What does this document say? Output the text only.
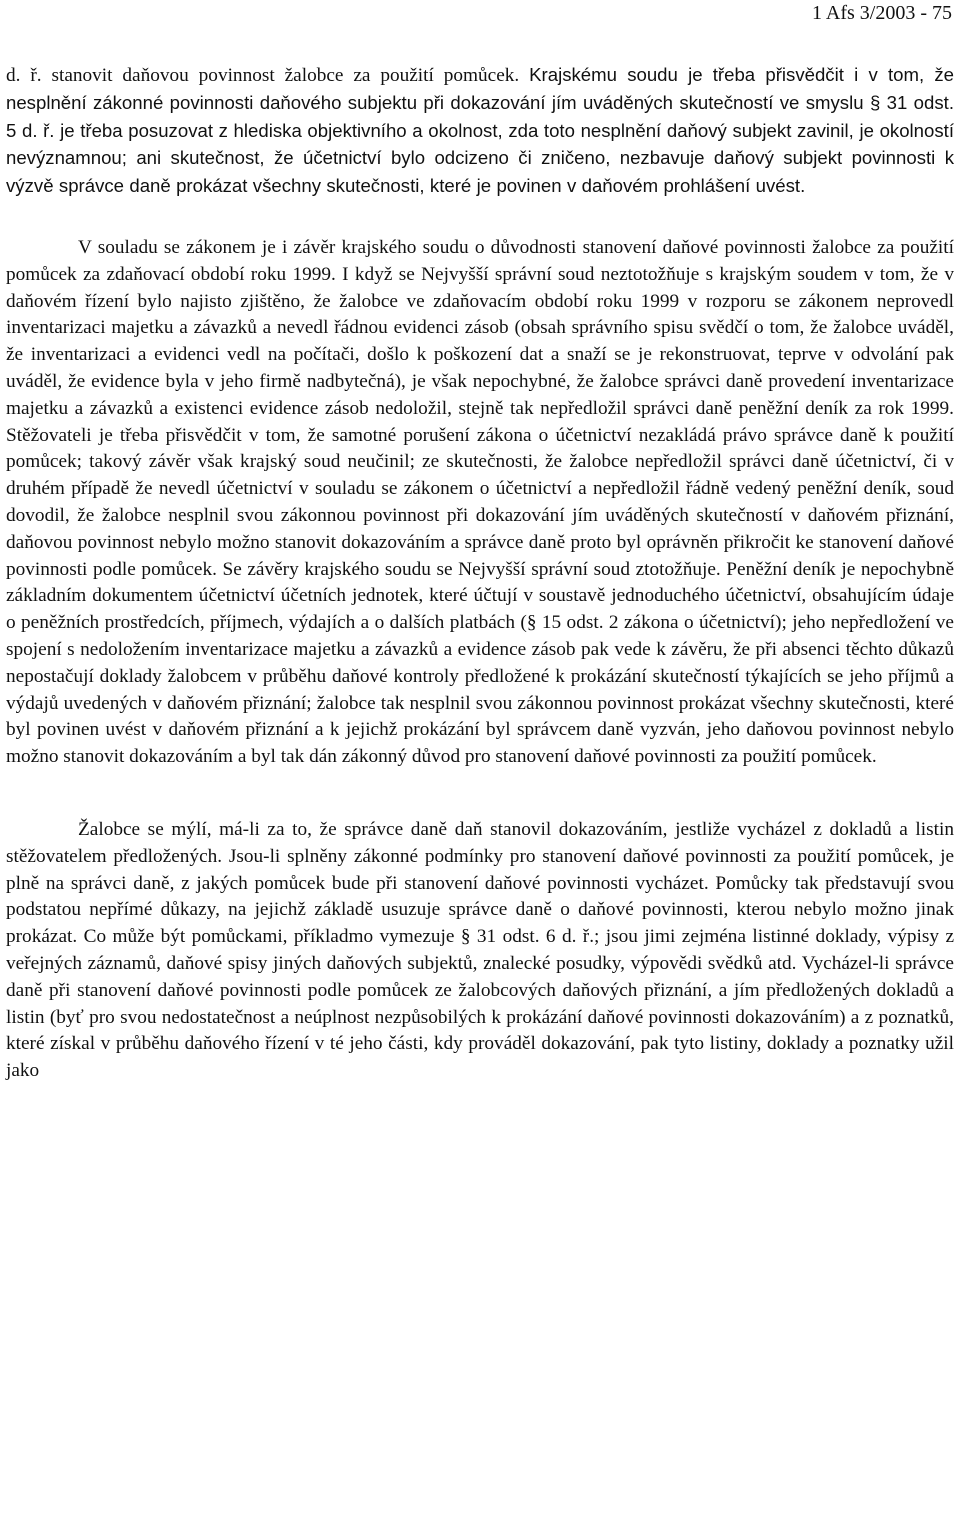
1 Afs 3/2003 - 75

d. ř. stanovit daňovou povinnost žalobce za použití pomůcek. Krajskému soudu je třeba přisvědčit i v tom, že nesplnění zákonné povinnosti daňového subjektu při dokazování jím uváděných skutečností ve smyslu § 31 odst. 5 d. ř. je třeba posuzovat z hlediska objektivního a okolnost, zda toto nesplnění daňový subjekt zavinil, je okolností nevýznamnou; ani skutečnost, že účetnictví bylo odcizeno či zničeno, nezbavuje daňový subjekt povinnosti k výzvě správce daně prokázat všechny skutečnosti, které je povinen v daňovém prohlášení uvést.

V souladu se zákonem je i závěr krajského soudu o důvodnosti stanovení daňové povinnosti žalobce za použití pomůcek za zdaňovací období roku 1999. I když se Nejvyšší správní soud neztotožňuje s krajským soudem v tom, že v daňovém řízení bylo najisto zjištěno, že žalobce ve zdaňovacím období roku 1999 v rozporu se zákonem neprovedl inventarizaci majetku a závazků a nevedl řádnou evidenci zásob (obsah správního spisu svědčí o tom, že žalobce uváděl, že inventarizaci a evidenci vedl na počítači, došlo k poškození dat a snaží se je rekonstruovat, teprve v odvolání pak uváděl, že evidence byla v jeho firmě nadbytečná), je však nepochybné, že žalobce správci daně provedení inventarizace majetku a závazků a existenci evidence zásob nedoložil, stejně tak nepředložil správci daně peněžní deník za rok 1999. Stěžovateli je třeba přisvědčit v tom, že samotné porušení zákona o účetnictví nezakládá právo správce daně k použití pomůcek; takový závěr však krajský soud neučinil; ze skutečnosti, že žalobce nepředložil správci daně účetnictví, či v druhém případě že nevedl účetnictví v souladu se zákonem o účetnictví a nepředložil řádně vedený peněžní deník, soud dovodil, že žalobce nesplnil svou zákonnou povinnost při dokazování jím uváděných skutečností v daňovém přiznání, daňovou povinnost nebylo možno stanovit dokazováním a správce daně proto byl oprávněn přikročit ke stanovení daňové povinnosti podle pomůcek. Se závěry krajského soudu se Nejvyšší správní soud ztotožňuje. Peněžní deník je nepochybně základním dokumentem účetnictví účetních jednotek, které účtují v soustavě jednoduchého účetnictví, obsahujícím údaje o peněžních prostředcích, příjmech, výdajích a o dalších platbách (§ 15 odst. 2 zákona o účetnictví); jeho nepředložení ve spojení s nedoložením inventarizace majetku a závazků a evidence zásob pak vede k závěru, že při absenci těchto důkazů nepostačují doklady žalobcem v průběhu daňové kontroly předložené k prokázání skutečností týkajících se jeho příjmů a výdajů uvedených v daňovém přiznání; žalobce tak nesplnil svou zákonnou povinnost prokázat všechny skutečnosti, které byl povinen uvést v daňovém přiznání a k jejichž prokázání byl správcem daně vyzván, jeho daňovou povinnost nebylo možno stanovit dokazováním a byl tak dán zákonný důvod pro stanovení daňové povinnosti za použití pomůcek.

Žalobce se mýlí, má-li za to, že správce daně daň stanovil dokazováním, jestliže vycházel z dokladů a listin stěžovatelem předložených. Jsou-li splněny zákonné podmínky pro stanovení daňové povinnosti za použití pomůcek, je plně na správci daně, z jakých pomůcek bude při stanovení daňové povinnosti vycházet. Pomůcky tak představují svou podstatou nepřímé důkazy, na jejichž základě usuzuje správce daně o daňové povinnosti, kterou nebylo možno jinak prokázat. Co může být pomůckami, příkladmo vymezuje § 31 odst. 6 d. ř.; jsou jimi zejména listinné doklady, výpisy z veřejných záznamů, daňové spisy jiných daňových subjektů, znalecké posudky, výpovědi svědků atd. Vycházel-li správce daně při stanovení daňové povinnosti podle pomůcek ze žalobcových daňových přiznání, a jím předložených dokladů a listin (byť pro svou nedostatečnost a neúplnost nezpůsobilých k prokázání daňové povinnosti dokazováním) a z poznatků, které získal v průběhu daňového řízení v té jeho části, kdy prováděl dokazování, pak tyto listiny, doklady a poznatky užil jako
